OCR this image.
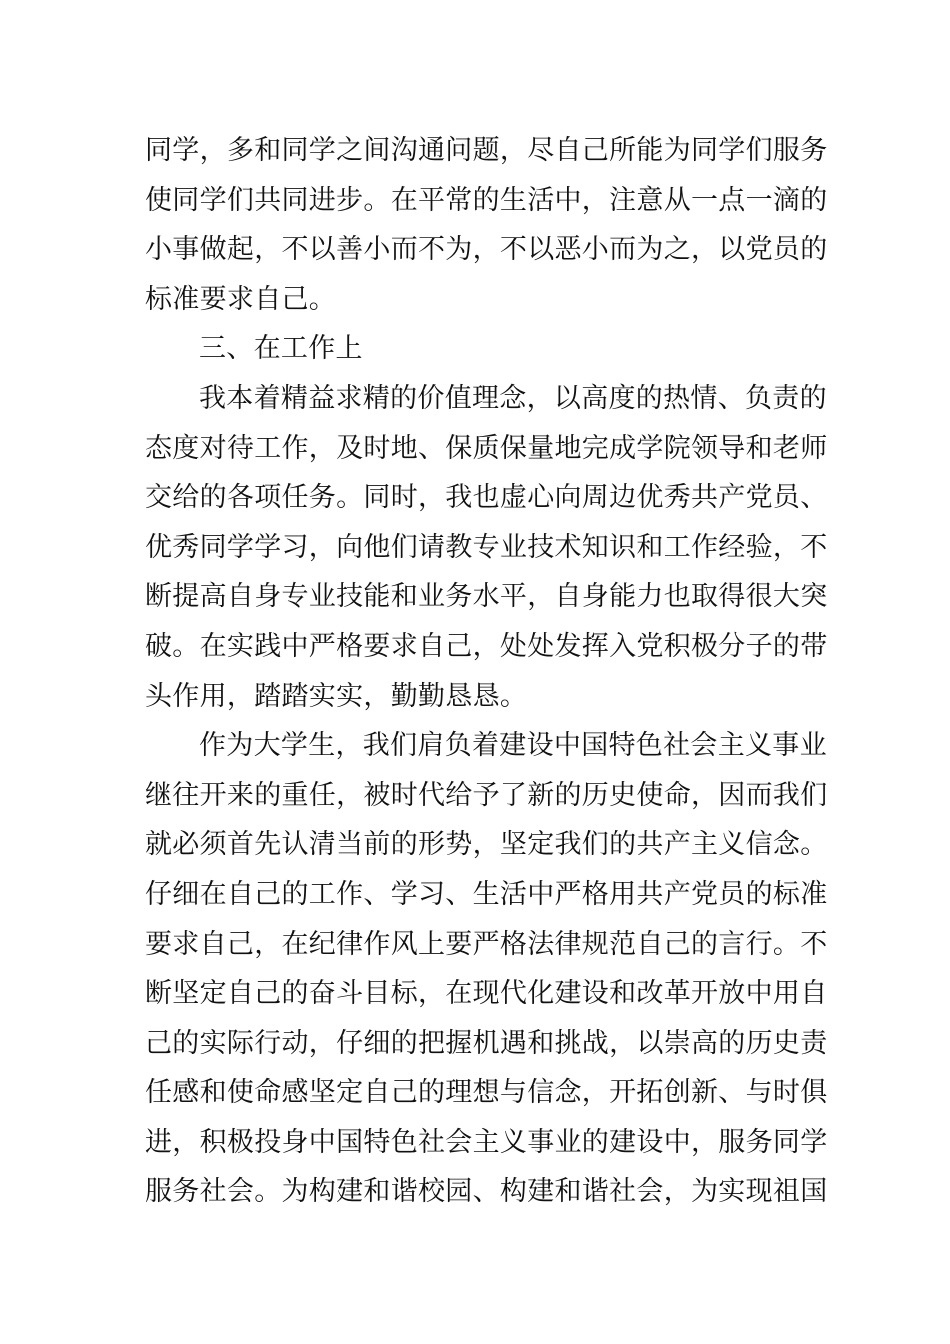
同学，多和同学之间沟通问题，尽自己所能为同学们服务
使同学们共同进步。在平常的生活中，注意从一点一滴的
小事做起，不以善小而不为，不以恶小而为之，以党员的
标准要求自己。
三、在工作上
我本着精益求精的价值理念，以高度的热情、负责的
态度对待工作，及时地、保质保量地完成学院领导和老师
交给的各项任务。同时，我也虚心向周边优秀共产党员、
优秀同学学习，向他们请教专业技术知识和工作经验，不
断提高自身专业技能和业务水平，自身能力也取得很大突
破。在实践中严格要求自己，处处发挥入党积极分子的带
头作用，踏踏实实，勤勤恳恳。
作为大学生，我们肩负着建设中国特色社会主义事业
继往开来的重任，被时代给予了新的历史使命，因而我们
就必须首先认清当前的形势，坚定我们的共产主义信念。
仔细在自己的工作、学习、生活中严格用共产党员的标准
要求自己，在纪律作风上要严格法律规范自己的言行。不
断坚定自己的奋斗目标，在现代化建设和改革开放中用自
己的实际行动，仔细的把握机遇和挑战，以崇高的历史责
任感和使命感坚定自己的理想与信念，开拓创新、与时俱
进，积极投身中国特色社会主义事业的建设中，服务同学
服务社会。为构建和谐校园、构建和谐社会，为实现祖国
